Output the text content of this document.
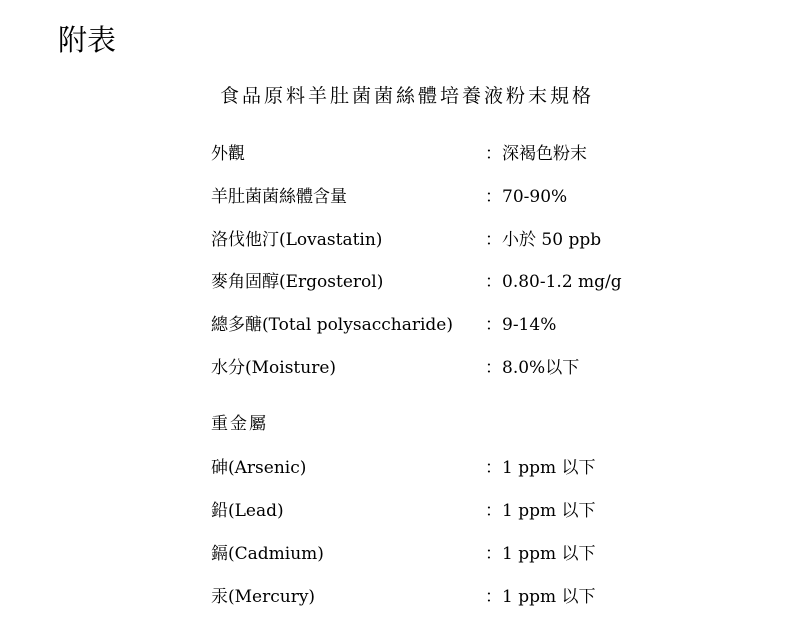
附表
食品原料羊肚菌菌絲體培養液粉末規格
外觀	：深褐色粉末
羊肚菌菌絲體含量	：70-90%
洛伐他汀(Lovastatin)	：小於 50 ppb
麥角固醇(Ergosterol)	：0.80-1.2 mg/g
總多醣(Total polysaccharide) ：9-14%
水分(Moisture)	：8.0%以下
重金屬
砷(Arsenic)	：1 ppm 以下
鉛(Lead)	：1 ppm 以下
鎘(Cadmium)	：1 ppm 以下
汞(Mercury)	：1 ppm 以下
